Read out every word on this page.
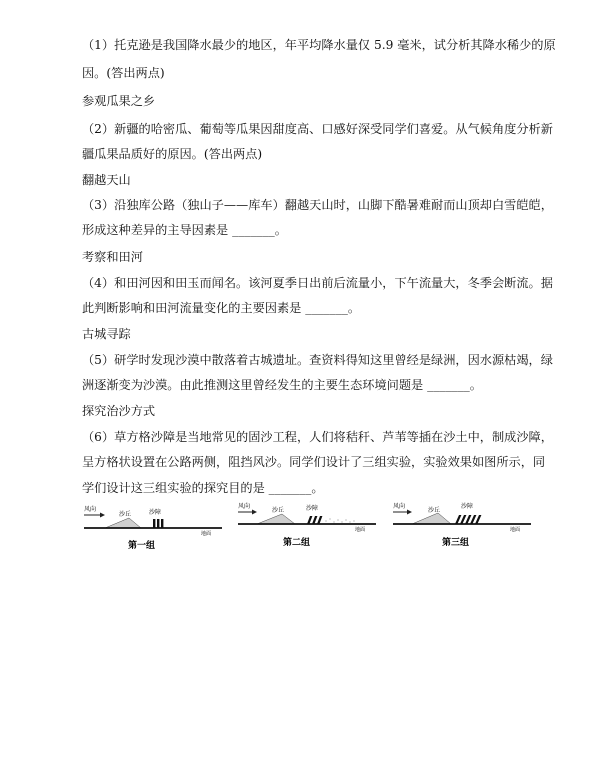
（1）托克逊是我国降水最少的地区，年平均降水量仅 5.9 毫米，试分析其降水稀少的原
因。(答出两点)
参观瓜果之乡
（2）新疆的哈密瓜、葡萄等瓜果因甜度高、口感好深受同学们喜爱。从气候角度分析新
疆瓜果品质好的原因。(答出两点)
翻越天山
（3）沿独库公路（独山子——库车）翻越天山时，山脚下酷暑难耐而山顶却白雪皑皑，
形成这种差异的主导因素是 _______。
考察和田河
（4）和田河因和田玉而闻名。该河夏季日出前后流量小，下午流量大，冬季会断流。据
此判断影响和田河流量变化的主要因素是 _______。
古城寻踪
（5）研学时发现沙漠中散落着古城遗址。查资料得知这里曾经是绿洲，因水源枯竭，绿
洲逐渐变为沙漠。由此推测这里曾经发生的主要生态环境问题是 _______。
探究治沙方式
（6）草方格沙障是当地常见的固沙工程，人们将秸秆、芦苇等插在沙土中，制成沙障，
呈方格状设置在公路两侧，阻挡风沙。同学们设计了三组实验，实验效果如图所示，同
学们设计这三组实验的探究目的是 _______。
风向
沙丘	沙障
地面
第一组
风向
沙丘	沙障
地面
第二组
风向
沙丘
沙障
地面
第三组
